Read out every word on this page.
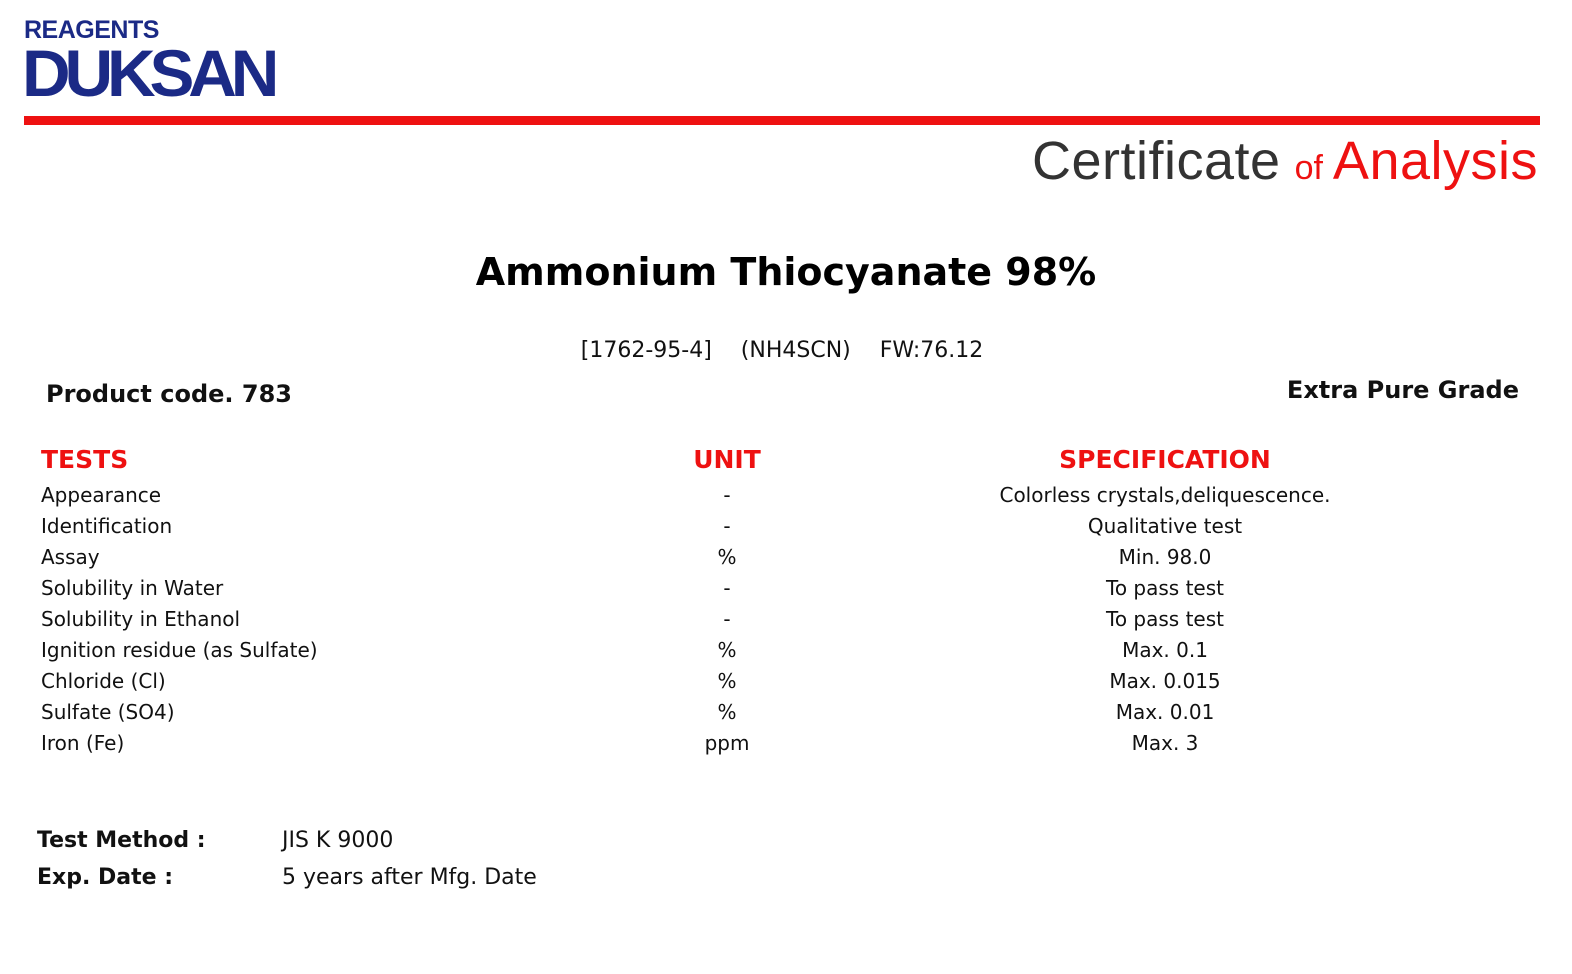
REAGENTS
DUKSAN
Certificate of Analysis
Ammonium Thiocyanate 98%
[1762-95-4] (NH4SCN) FW:76.12
Product code. 783	Extra Pure Grade
TESTS	UNIT	SPECIFICATION
Appearance	-	Colorless crystals,deliquescence.
Identification	-	Qualitative test
Assay	%	Min. 98.0
Solubility in Water	-	To pass test
Solubility in Ethanol	-	To pass test
Ignition residue (as Sulfate)	%	Max. 0.1
Chloride (Cl)	%	Max. 0.015
Sulfate (SO4)	%	Max. 0.01
Iron (Fe)	ppm	Max. 3
Test Method :	JIS K 9000
Exp. Date :	5 years after Mfg. Date
